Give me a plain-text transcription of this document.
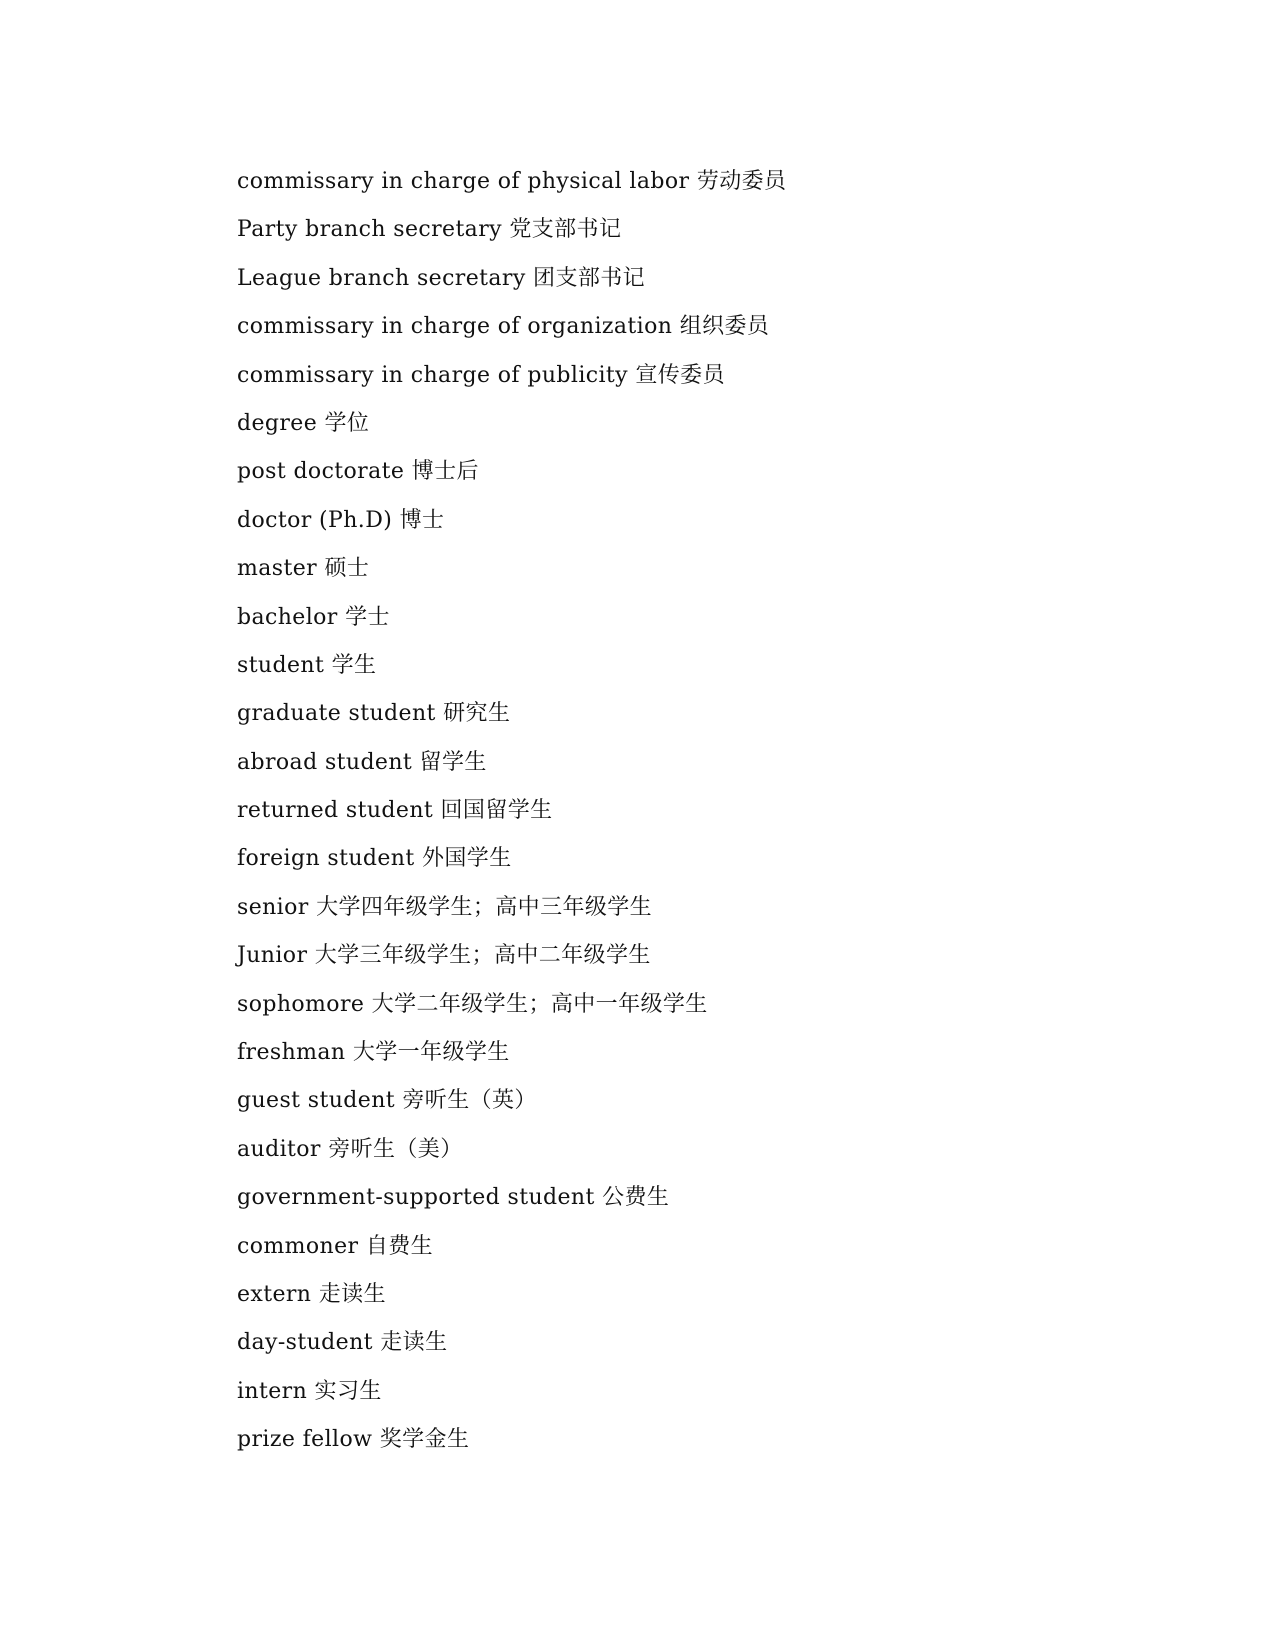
commissary in charge of physical labor 劳动委员
Party branch secretary 党支部书记
League branch secretary 团支部书记
commissary in charge of organization 组织委员
commissary in charge of publicity 宣传委员
degree 学位
post doctorate 博士后
doctor (Ph.D) 博士
master 硕士
bachelor 学士
student 学生
graduate student 研究生
abroad student 留学生
returned student 回国留学生
foreign student 外国学生
senior 大学四年级学生；高中三年级学生
Junior 大学三年级学生；高中二年级学生
sophomore 大学二年级学生；高中一年级学生
freshman 大学一年级学生
guest student 旁听生（英）
auditor 旁听生（美）
government-supported student 公费生
commoner 自费生
extern 走读生
day-student 走读生
intern 实习生
prize fellow 奖学金生
